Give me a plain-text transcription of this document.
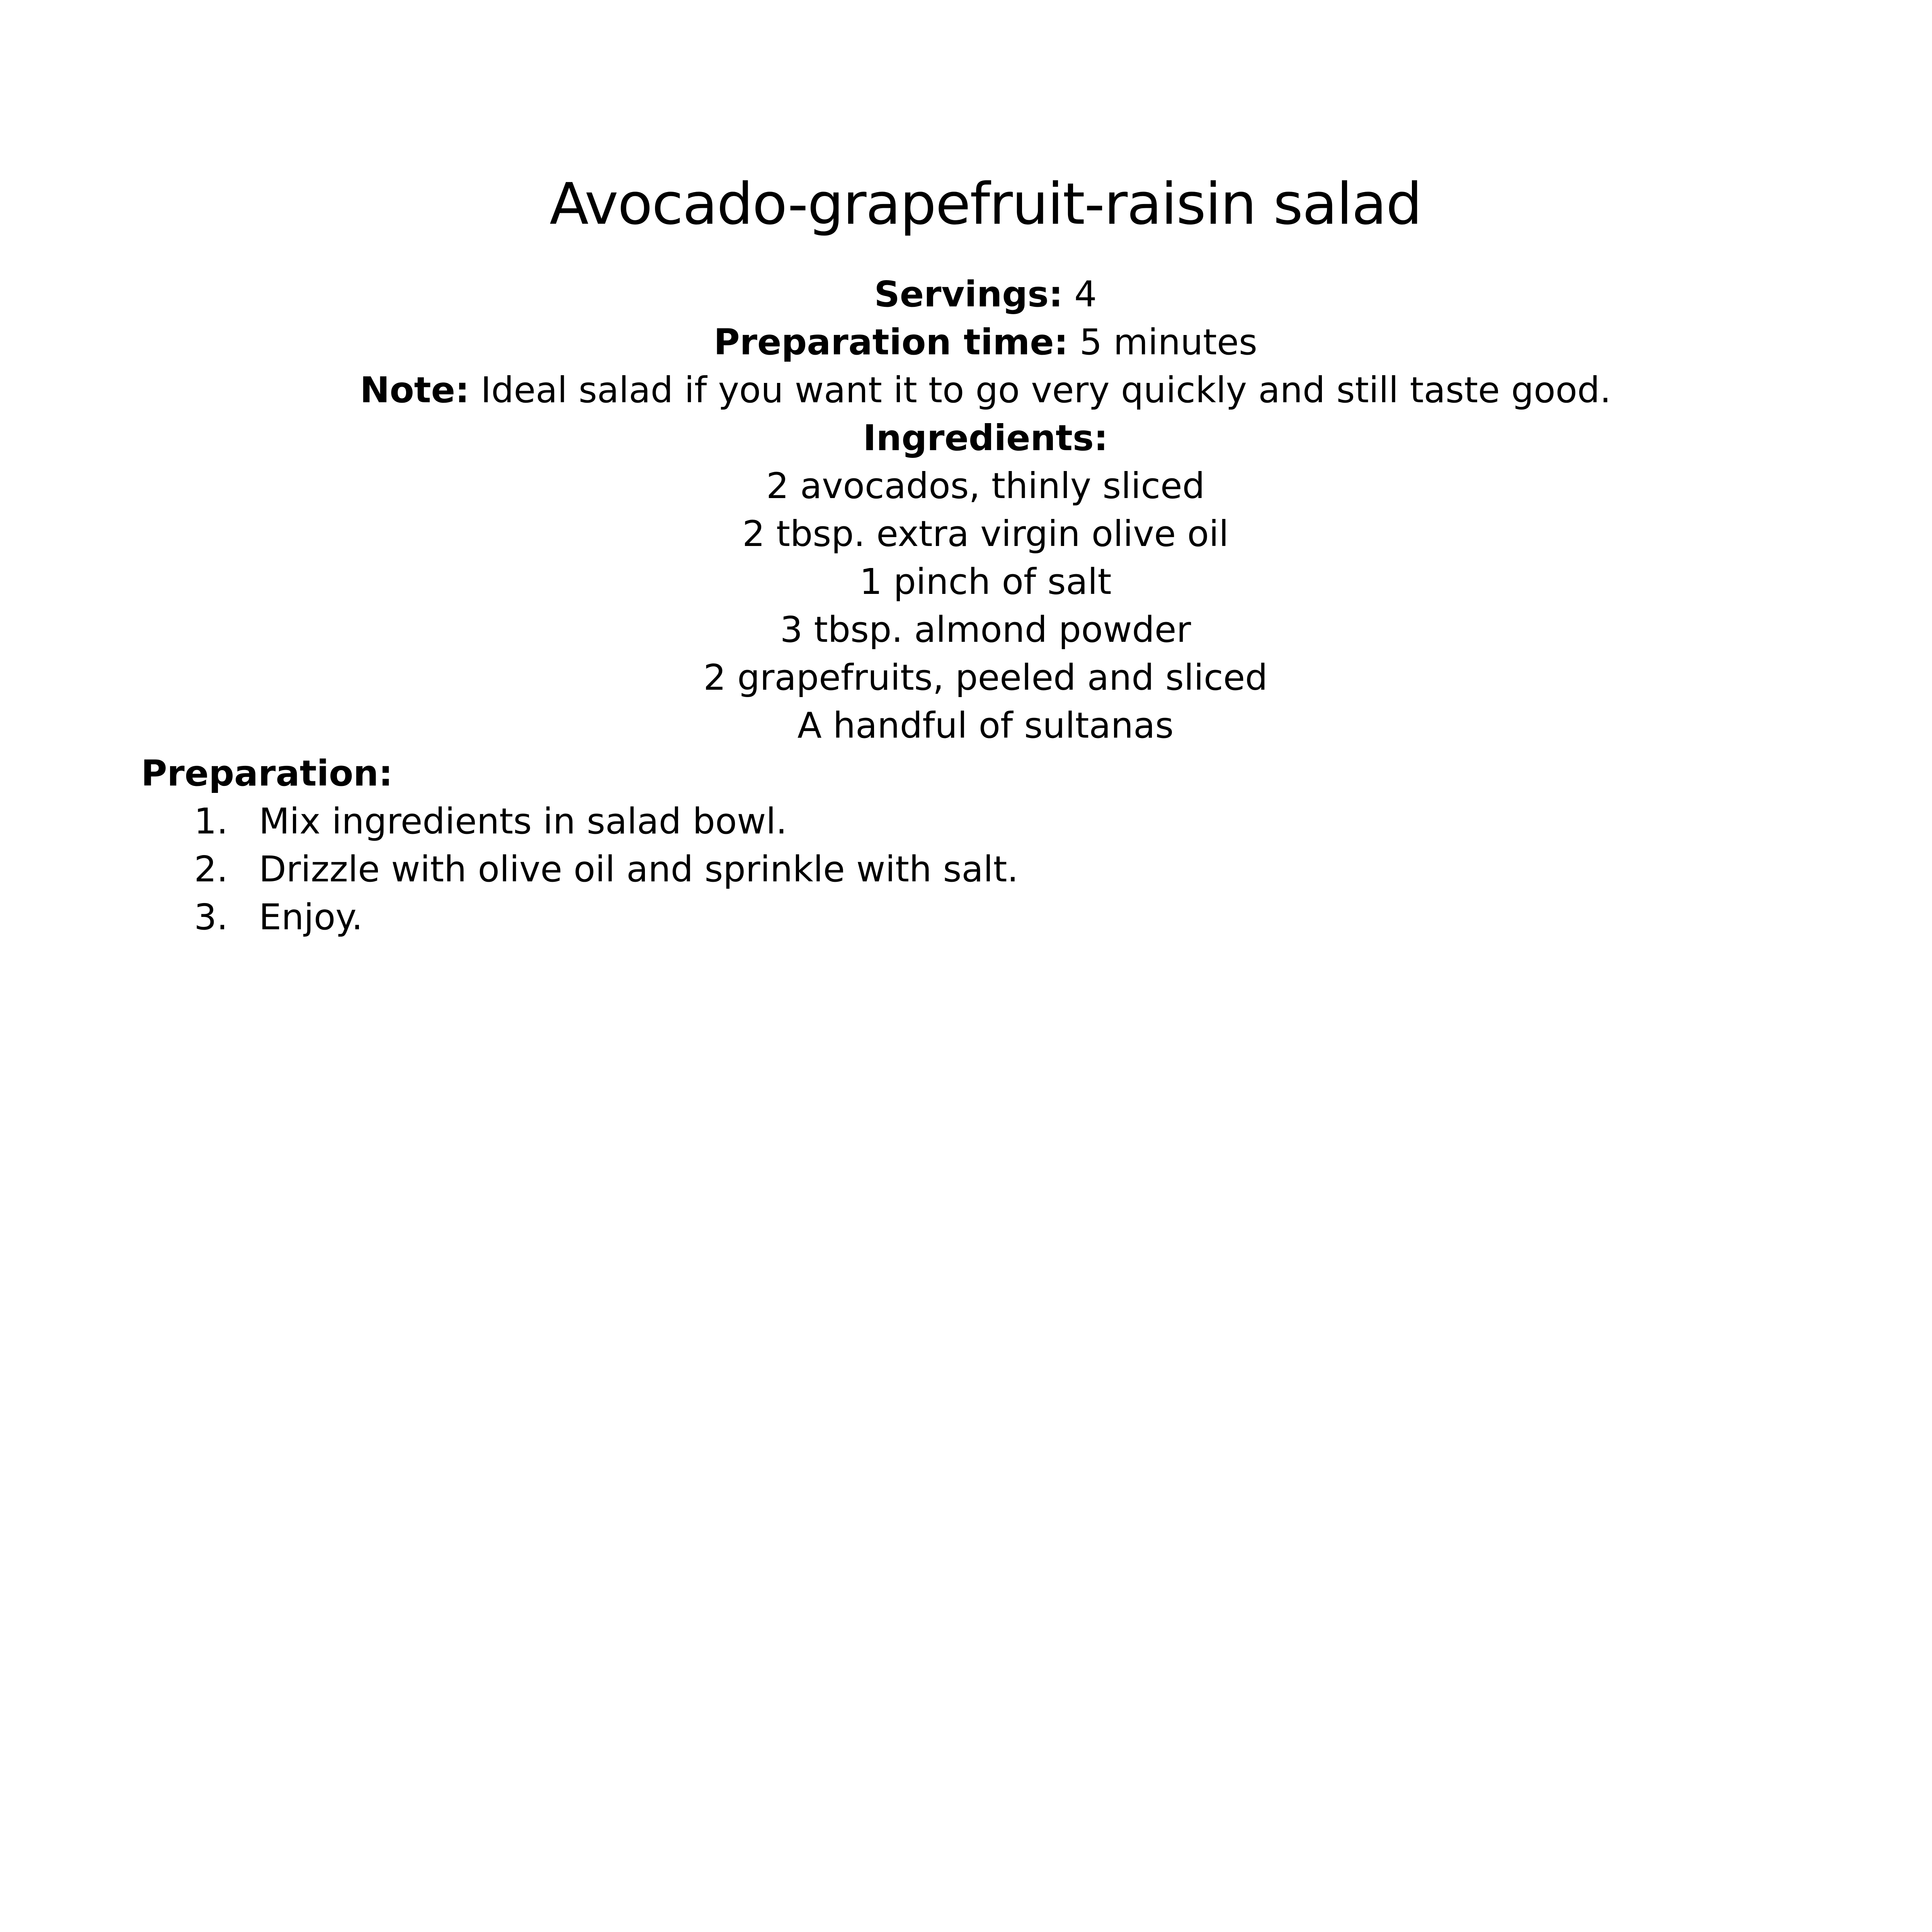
Avocado-grapefruit-raisin salad

Servings: 4

Preparation time: 5 minutes

Note: Ideal salad if you want it to go very quickly and still taste good.

Ingredients:
2 avocados, thinly sliced
2 tbsp. extra virgin olive oil
1 pinch of salt
3 tbsp. almond powder
2 grapefruits, peeled and sliced
A handful of sultanas
Preparation:
1. Mix ingredients in salad bowl.
2. Drizzle with olive oil and sprinkle with salt.
3. Enjoy.
